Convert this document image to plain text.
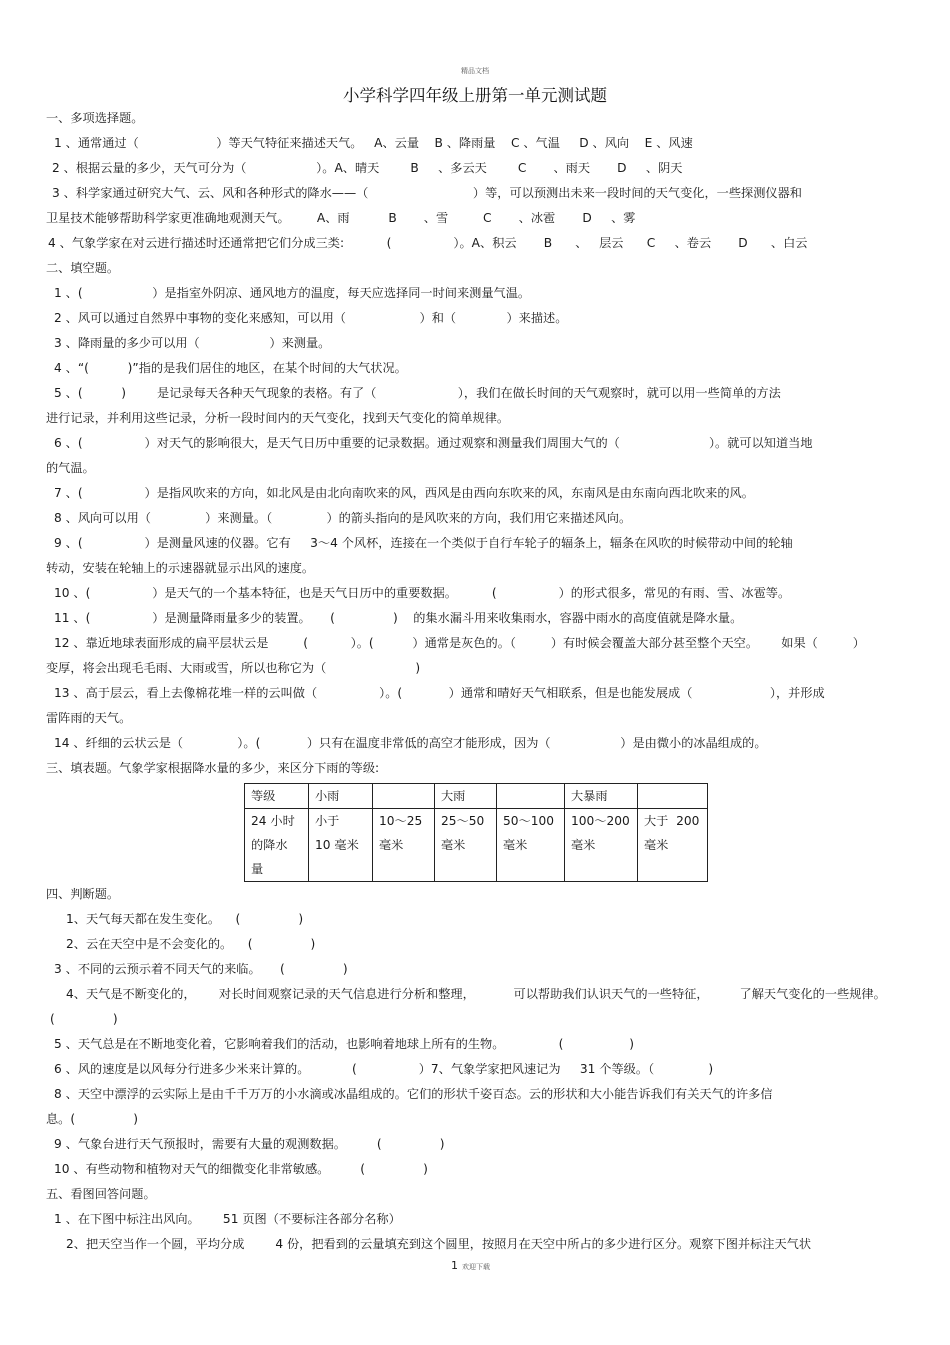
精品文档
小学科学四年级上册第一单元测试题
一、多项选择题。
1 、通常通过（                    ）等天气特征来描述天气。   A、云量    B 、降雨量    C 、气温     D 、风向    E 、风速
2 、根据云量的多少，天气可分为（                  ）。A、晴天        B     、多云天        C       、雨天       D     、阴天
3 、科学家通过研究大气、云、风和各种形式的降水——（                           ）等，可以预测出未来一段时间的天气变化，一些探测仪器和
卫星技术能够帮助科学家更准确地观测天气。       A、雨          B       、雪         C       、冰雹       D     、雾
4 、气象学家在对云进行描述时还通常把它们分成三类:           (                ）。A、积云       B      、   层云      C     、卷云       D      、白云
二、填空题。
1 、(                  ）是指室外阴凉、通风地方的温度，每天应选择同一时间来测量气温。
2 、风可以通过自然界中事物的变化来感知，可以用（                   ）和（             ）来描述。
3 、降雨量的多少可以用（                  ）来测量。
4 、“(          )”指的是我们居住的地区，在某个时间的大气状况。
5 、(          )        是记录每天各种天气现象的表格。有了（                     ），我们在做长时间的天气观察时，就可以用一些简单的方法
进行记录，并利用这些记录，分析一段时间内的天气变化，找到天气变化的简单规律。
6 、(                ）对天气的影响很大，是天气日历中重要的记录数据。通过观察和测量我们周围大气的（                       ）。就可以知道当地
的气温。
7 、(                ）是指风吹来的方向，如北风是由北向南吹来的风，西风是由西向东吹来的风，东南风是由东南向西北吹来的风。
8 、风向可以用（              ）来测量。（              ）的箭头指向的是风吹来的方向，我们用它来描述风向。
9 、(                ）是测量风速的仪器。它有     3～4 个风杯，连接在一个类似于自行车轮子的辐条上，辐条在风吹的时候带动中间的轮轴
转动，安装在轮轴上的示速器就显示出风的速度。
10 、(                ）是天气的一个基本特征，也是天气日历中的重要数据。         (                ）的形式很多，常见的有雨、雪、冰雹等。
11 、(                ）是测量降雨量多少的装置。     (               )    的集水漏斗用来收集雨水，容器中雨水的高度值就是降水量。
12 、靠近地球表面形成的扁平层状云是         (           ）。(          ）通常是灰色的。（         ）有时候会覆盖大部分甚至整个天空。      如果（         ）
变厚，将会出现毛毛雨、大雨或雪，所以也称它为（                       )
13 、高于层云，看上去像棉花堆一样的云叫做（                ）。(            ）通常和晴好天气相联系，但是也能发展成（                    ），并形成
雷阵雨的天气。
14 、纤细的云状云是（              ）。(            ）只有在温度非常低的高空才能形成，因为（                  ）是由微小的冰晶组成的。
三、填表题。气象学家根据降水量的多少，来区分下雨的等级:
等级	小雨		大雨		大暴雨	
24 小时
的降水
量	小于
10 毫米	10～25
毫米	25～50
毫米	50～100
毫米	100～200
毫米	大于  200
毫米
四、判断题。
1、天气每天都在发生变化。    (               )
2、云在天空中是不会变化的。    (               )
3 、不同的云预示着不同天气的来临。     (               )
4、天气是不断变化的，      对长时间观察记录的天气信息进行分析和整理，          可以帮助我们认识天气的一些特征，        了解天气变化的一些规律。
(               )
5 、天气总是在不断地变化着，它影响着我们的活动，也影响着地球上所有的生物。              (                 )
6 、风的速度是以风每分行进多少米来计算的。           (                ）7、气象学家把风速记为     31 个等级。（              )
8 、天空中漂浮的云实际上是由千千万万的小水滴或冰晶组成的。它们的形状千姿百态。云的形状和大小能告诉我们有关天气的许多信
息。(               )
9 、气象台进行天气预报时，需要有大量的观测数据。        (               )
10 、有些动物和植物对天气的细微变化非常敏感。        (               )
五、看图回答问题。
1 、在下图中标注出风向。      51 页图（不要标注各部分名称）
2、把天空当作一个圆，平均分成        4 份，把看到的云量填充到这个圆里，按照月在天空中所占的多少进行区分。观察下图并标注天气状
1 欢迎下载
